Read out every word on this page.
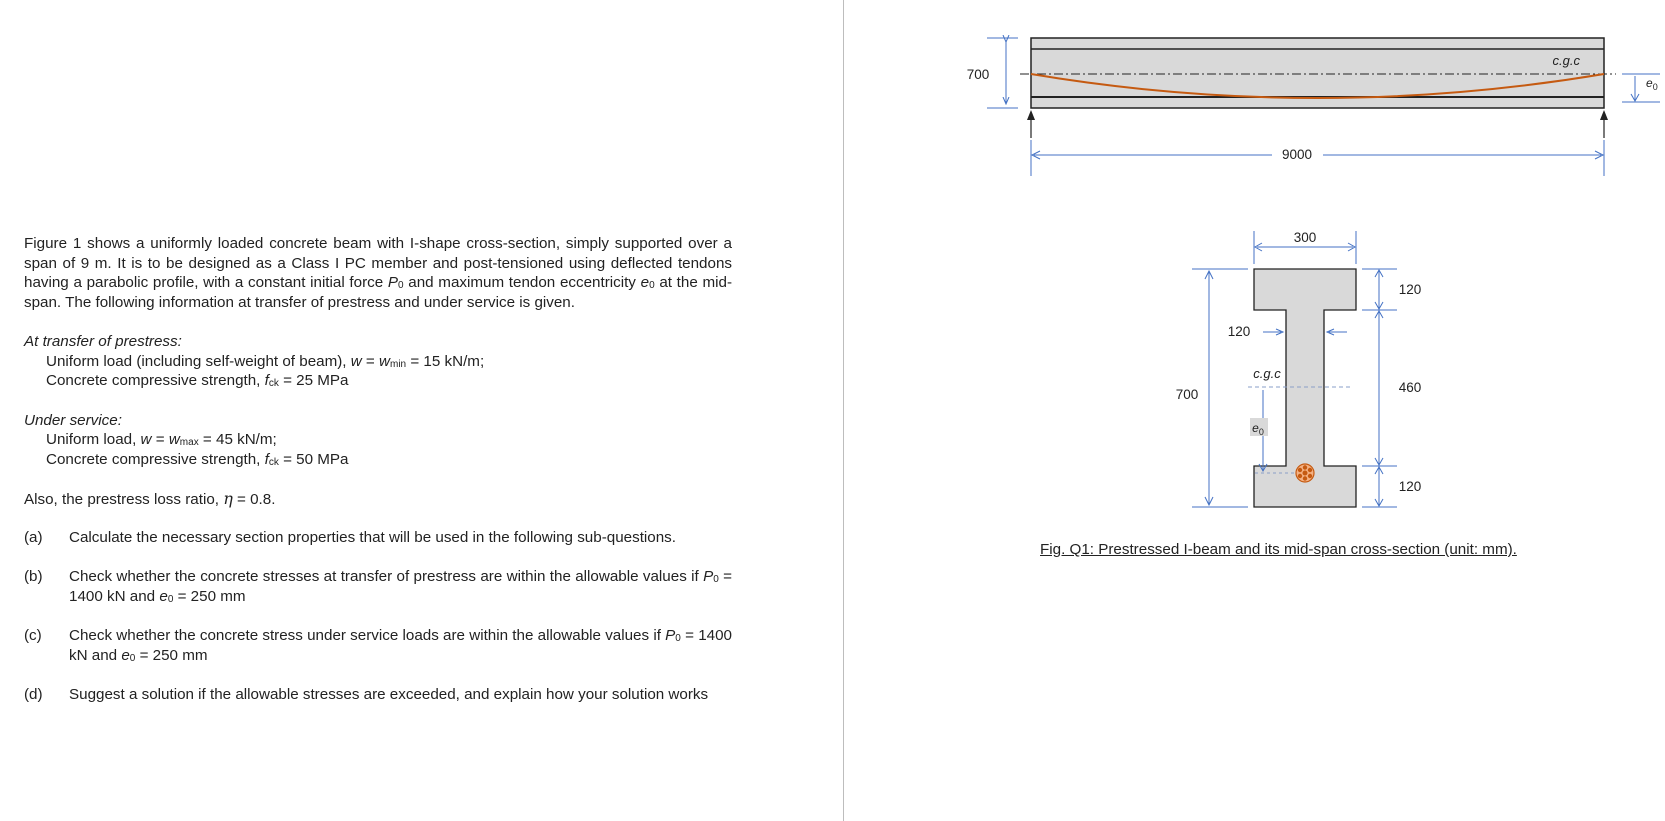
Figure 1 shows a uniformly loaded concrete beam with I-shape cross-section, simply supported over a span of 9 m. It is to be designed as a Class I PC member and post-tensioned using deflected tendons having a parabolic profile, with a constant initial force $P_0$ and maximum tendon eccentricity $e_0$ at the mid-span. The following information at transfer of prestress and under service is given.

At transfer of prestress:
Uniform load (including self-weight of beam), $w = w_{min} = 15$ kN/m;
Concrete compressive strength, $f_{ck} = 25$ MPa
Under service:
Uniform load, $w = w_{max} = 45$ kN/m;
Concrete compressive strength, $f_{ck} = 50$ MPa
Also, the prestress loss ratio, η = 0.8.
(a)	Calculate the necessary section properties that will be used in the following sub-questions.
(b)	Check whether the concrete stresses at transfer of prestress are within the allowable values if $P_0 = 1400$ kN and $e_0 = 250$ mm
(c)	Check whether the concrete stress under service loads are within the allowable values if $P_0 = 1400$ kN and $e_0 = 250$ mm
(d)	Suggest a solution if the allowable stresses are exceeded, and explain how your solution works
c.g.c
700
9000
$e_0$
c.g.c
300
120
700
$e_0$
120
460
120
Fig. Q1: Prestressed I-beam and its mid-span cross-section (unit: mm).
